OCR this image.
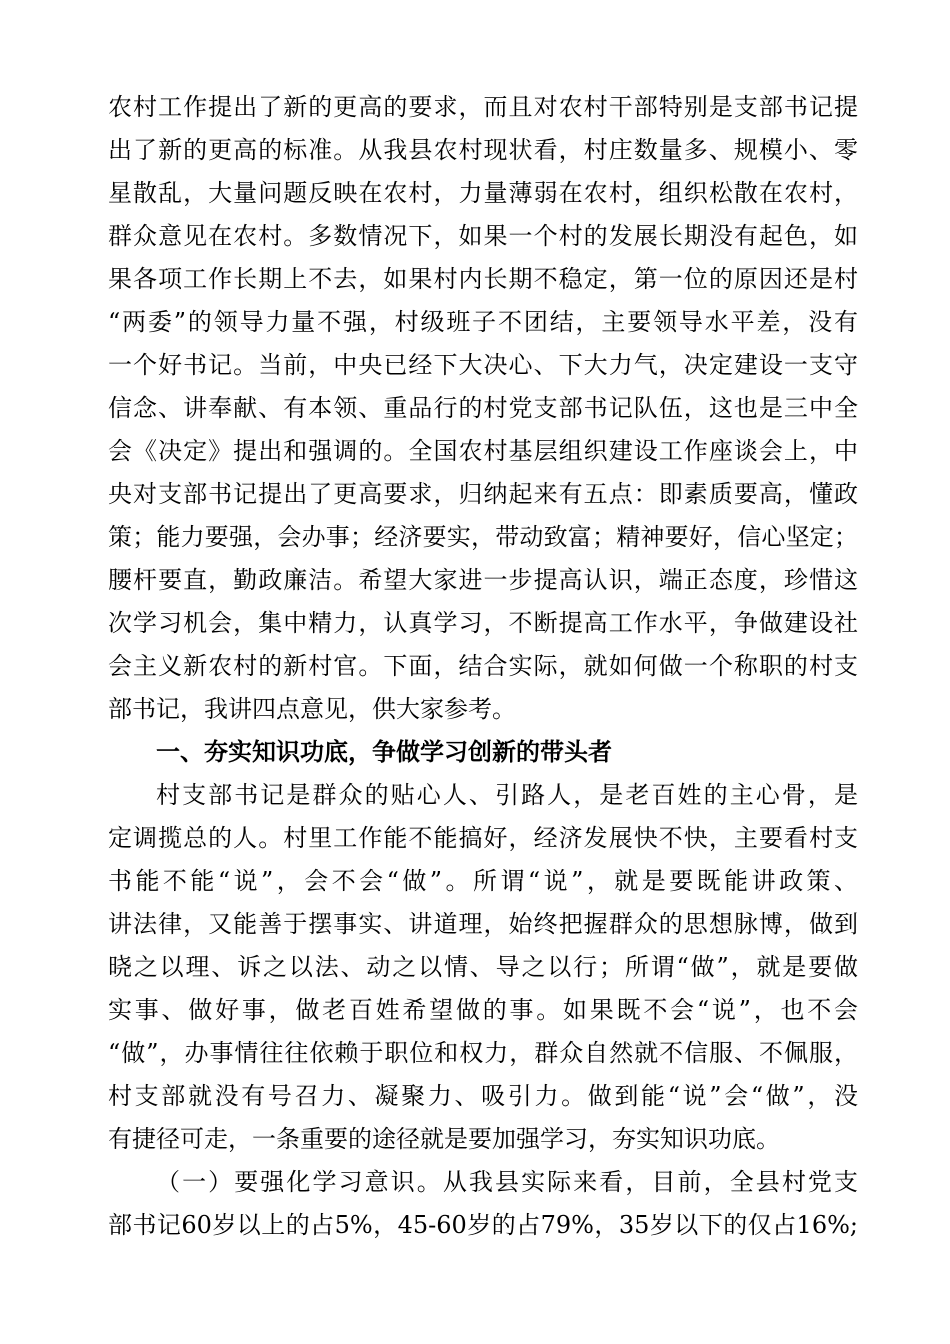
农村工作提出了新的更高的要求，而且对农村干部特别是支部书记提
出了新的更高的标准。从我县农村现状看，村庄数量多、规模小、零
星散乱，大量问题反映在农村，力量薄弱在农村，组织松散在农村，
群众意见在农村。多数情况下，如果一个村的发展长期没有起色，如
果各项工作长期上不去，如果村内长期不稳定，第一位的原因还是村
“两委”的领导力量不强，村级班子不团结，主要领导水平差，没有
一个好书记。当前，中央已经下大决心、下大力气，决定建设一支守
信念、讲奉献、有本领、重品行的村党支部书记队伍，这也是三中全
会《决定》提出和强调的。全国农村基层组织建设工作座谈会上，中
央对支部书记提出了更高要求，归纳起来有五点：即素质要高，懂政
策；能力要强，会办事；经济要实，带动致富；精神要好，信心坚定；
腰杆要直，勤政廉洁。希望大家进一步提高认识，端正态度，珍惜这
次学习机会，集中精力，认真学习，不断提高工作水平，争做建设社
会主义新农村的新村官。下面，结合实际，就如何做一个称职的村支
部书记，我讲四点意见，供大家参考。
一、夯实知识功底，争做学习创新的带头者
村支部书记是群众的贴心人、引路人，是老百姓的主心骨，是
定调揽总的人。村里工作能不能搞好，经济发展快不快，主要看村支
书能不能“说”，会不会“做”。所谓“说”，就是要既能讲政策、
讲法律，又能善于摆事实、讲道理，始终把握群众的思想脉博，做到
晓之以理、诉之以法、动之以情、导之以行；所谓“做”，就是要做
实事、做好事，做老百姓希望做的事。如果既不会“说”，也不会
“做”，办事情往往依赖于职位和权力，群众自然就不信服、不佩服，
村支部就没有号召力、凝聚力、吸引力。做到能“说”会“做”，没
有捷径可走，一条重要的途径就是要加强学习，夯实知识功底。
（一）要强化学习意识。从我县实际来看，目前，全县村党支
部书记60岁以上的占5%，45-60岁的占79%，35岁以下的仅占16%;
